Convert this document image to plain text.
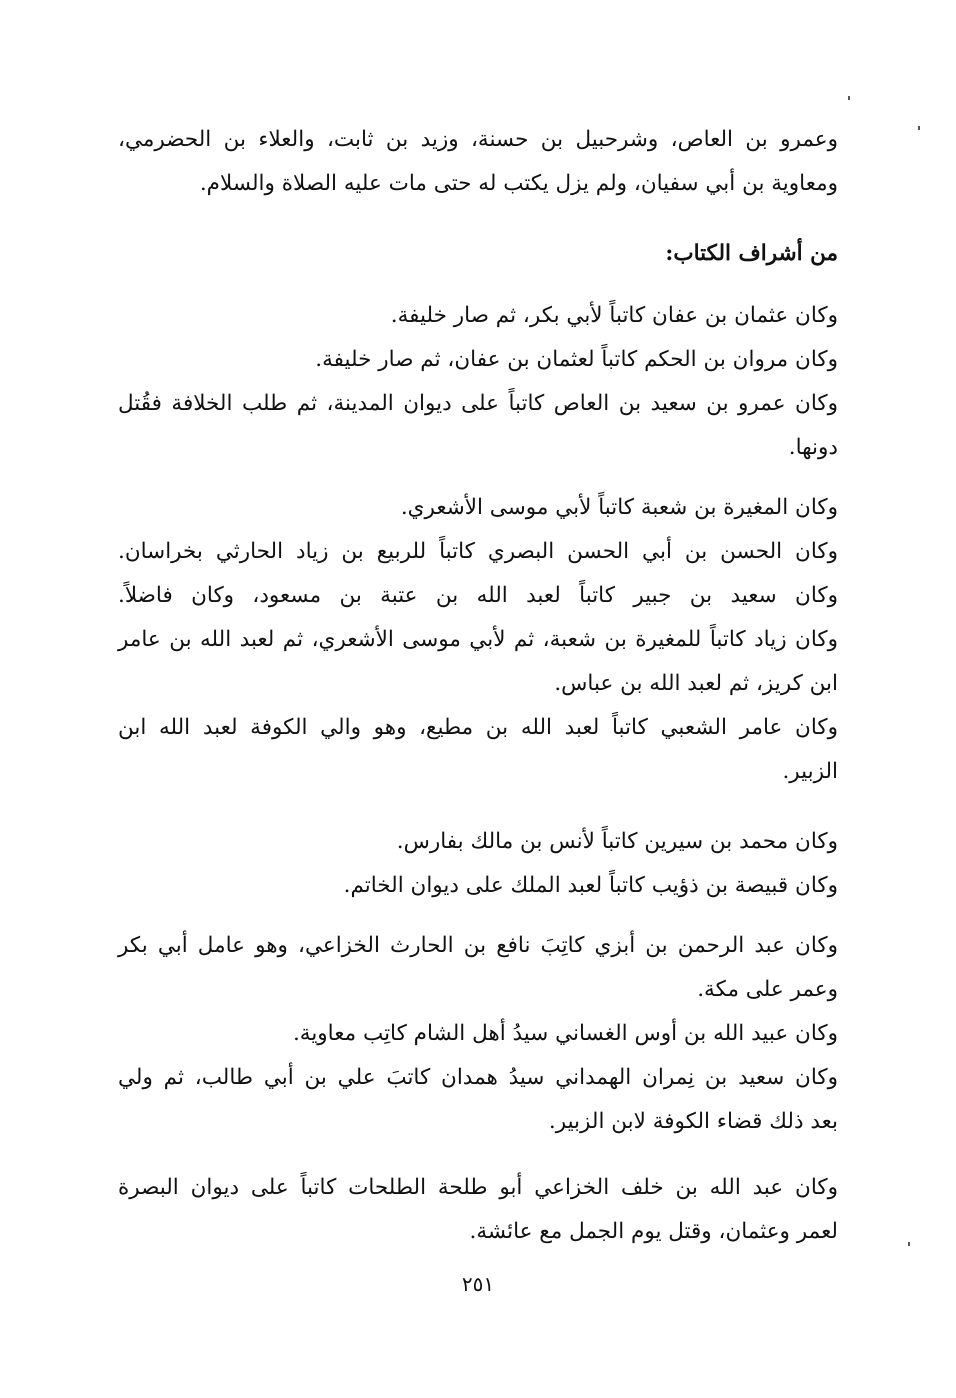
وعمرو بن العاص، وشرحبيل بن حسنة، وزيد بن ثابت، والعلاء بن الحضرمي،
ومعاوية بن أبي سفيان، ولم يزل يكتب له حتى مات عليه الصلاة والسلام.
من أشراف الكتاب:
وكان عثمان بن عفان كاتباً لأبي بكر، ثم صار خليفة.
وكان مروان بن الحكم كاتباً لعثمان بن عفان، ثم صار خليفة.
وكان عمرو بن سعيد بن العاص كاتباً على ديوان المدينة، ثم طلب الخلافة فقُتل
دونها.
وكان المغيرة بن شعبة كاتباً لأبي موسى الأشعري.
وكان الحسن بن أبي الحسن البصري كاتباً للربيع بن زياد الحارثي بخراسان.
وكان سعيد بن جبير كاتباً لعبد الله بن عتبة بن مسعود، وكان فاضلاً.
وكان زياد كاتباً للمغيرة بن شعبة، ثم لأبي موسى الأشعري، ثم لعبد الله بن عامر
ابن كريز، ثم لعبد الله بن عباس.
وكان عامر الشعبي كاتباً لعبد الله بن مطيع، وهو والي الكوفة لعبد الله ابن
الزبير.
وكان محمد بن سيرين كاتباً لأنس بن مالك بفارس.
وكان قبيصة بن ذؤيب كاتباً لعبد الملك على ديوان الخاتم.
وكان عبد الرحمن بن أبزي كاتِبَ نافع بن الحارث الخزاعي، وهو عامل أبي بكر
وعمر على مكة.
وكان عبيد الله بن أوس الغساني سيدُ أهل الشام كاتِب معاوية.
وكان سعيد بن نِمران الهمداني سيدُ همدان كاتبَ علي بن أبي طالب، ثم ولي
بعد ذلك قضاء الكوفة لابن الزبير.
وكان عبد الله بن خلف الخزاعي أبو طلحة الطلحات كاتباً على ديوان البصرة
لعمر وعثمان، وقتل يوم الجمل مع عائشة.
٢٥١
